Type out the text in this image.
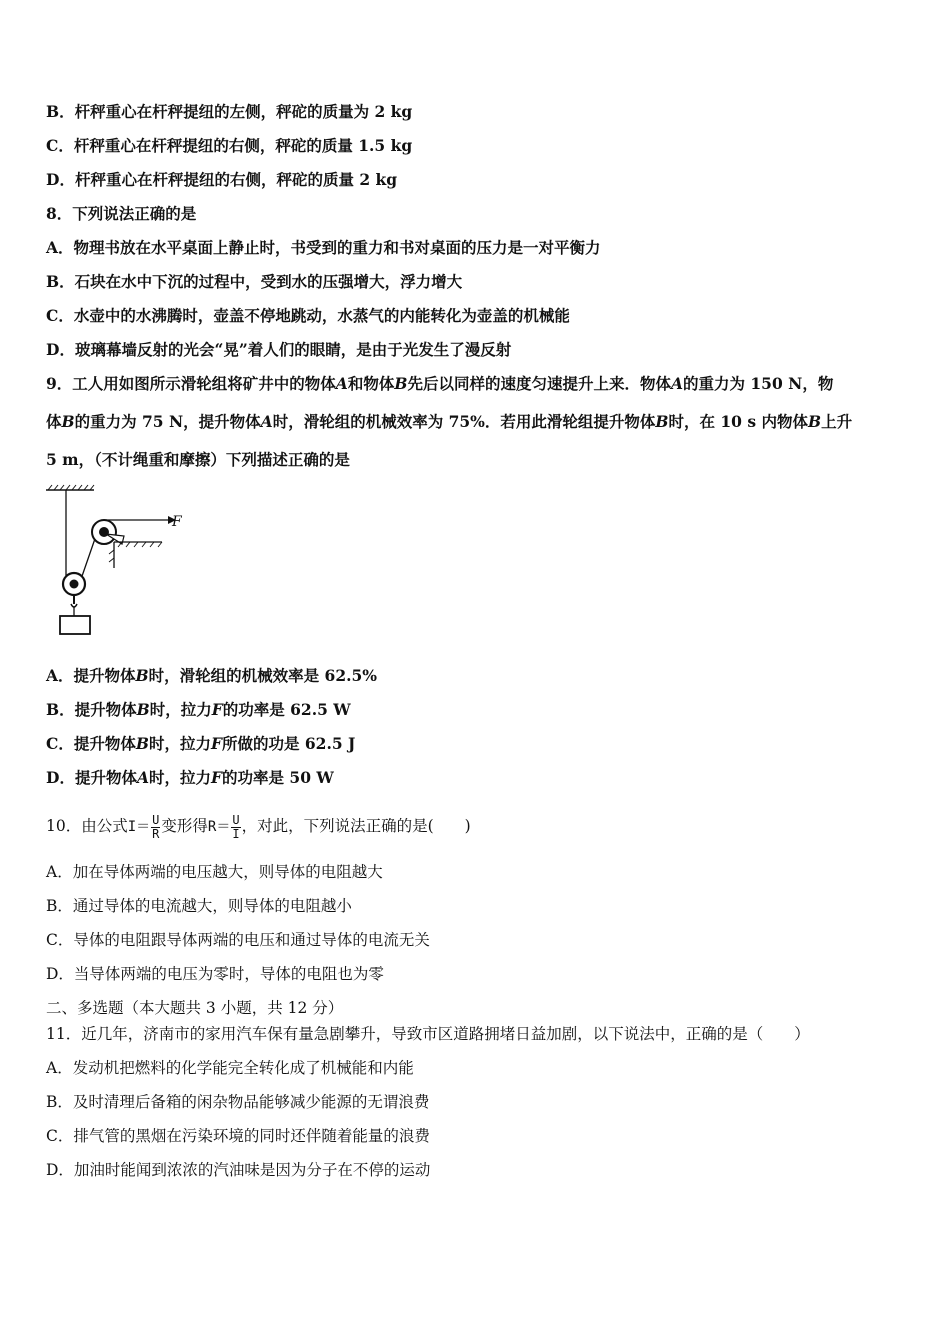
B．杆秤重心在杆秤提纽的左侧，秤砣的质量为 2 kg
C．杆秤重心在杆秤提纽的右侧，秤砣的质量 1.5 kg
D．杆秤重心在杆秤提纽的右侧，秤砣的质量 2 kg
8．下列说法正确的是
A．物理书放在水平桌面上静止时，书受到的重力和书对桌面的压力是一对平衡力
B．石块在水中下沉的过程中，受到水的压强增大，浮力增大
C．水壶中的水沸腾时，壶盖不停地跳动，水蒸气的内能转化为壶盖的机械能
D．玻璃幕墙反射的光会“晃”着人们的眼睛，是由于光发生了漫反射
9．工人用如图所示滑轮组将矿井中的物体A和物体B先后以同样的速度匀速提升上来．物体A的重力为 150 N，物
体B的重力为 75 N，提升物体A时，滑轮组的机械效率为 75%．若用此滑轮组提升物体B时，在 10 s 内物体B上升
5 m，（不计绳重和摩擦）下列描述正确的是
F
A．提升物体B时，滑轮组的机械效率是 62.5%
B．提升物体B时，拉力F的功率是 62.5 W
C．提升物体B时，拉力F所做的功是 62.5 J
D．提升物体A时，拉力F的功率是 50 W
10．由公式$I= \frac{U}{R}$ 变形得$R= \frac{U}{I}$ ，对此，下列说法正确的是(　　)
A．加在导体两端的电压越大，则导体的电阻越大
B．通过导体的电流越大，则导体的电阻越小
C．导体的电阻跟导体两端的电压和通过导体的电流无关
D．当导体两端的电压为零时，导体的电阻也为零
二、多选题（本大题共 3 小题，共 12 分）
11．近几年，济南市的家用汽车保有量急剧攀升，导致市区道路拥堵日益加剧，以下说法中，正确的是（　　）
A．发动机把燃料的化学能完全转化成了机械能和内能
B．及时清理后备箱的闲杂物品能够减少能源的无谓浪费
C．排气管的黑烟在污染环境的同时还伴随着能量的浪费
D．加油时能闻到浓浓的汽油味是因为分子在不停的运动
